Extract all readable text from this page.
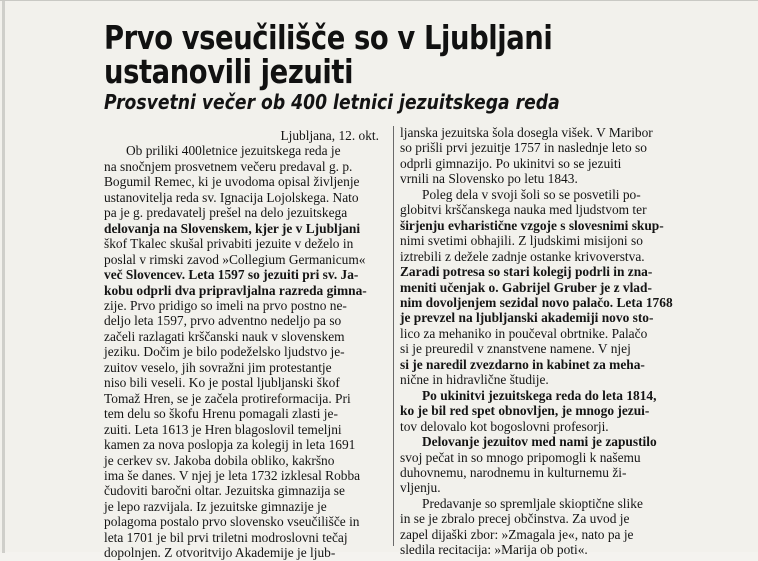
Prvo vseučilišče so v Ljubljani
ustanovili jezuiti
Prosvetni večer ob 400 letnici jezuitskega reda
Ljubljana, 12. okt.
Ob priliki 400letnice jezuitskega reda je
na snočnjem prosvetnem večeru predaval g. p.
Bogumil Remec, ki je uvodoma opisal življenje
ustanovitelja reda sv. Ignacija Lojolskega. Nato
pa je g. predavatelj prešel na delo jezuitskega
delovanja na Slovenskem, kjer je v Ljubljani
škof Tkalec skušal privabiti jezuite v deželo in
poslal v rimski zavod »Collegium Germanicum«
več Slovencev. Leta 1597 so jezuiti pri sv. Ja-
kobu odprli dva pripravljalna razreda gimna-
zije. Prvo pridigo so imeli na prvo postno ne-
deljo leta 1597, prvo adventno nedeljo pa so
začeli razlagati krščanski nauk v slovenskem
jeziku. Dočim je bilo podeželsko ljudstvo je-
zuitov veselo, jih sovražni jim protestantje
niso bili veseli. Ko je postal ljubljanski škof
Tomaž Hren, se je začela protireformacija. Pri
tem delu so škofu Hrenu pomagali zlasti je-
zuiti. Leta 1613 je Hren blagoslovil temeljni
kamen za nova poslopja za kolegij in leta 1691
je cerkev sv. Jakoba dobila obliko, kakršno
ima še danes. V njej je leta 1732 izklesal Robba
čudoviti baročni oltar. Jezuitska gimnazija se
je lepo razvijala. Iz jezuitske gimnazije je
polagoma postalo prvo slovensko vseučilišče in
leta 1701 je bil prvi triletni modroslovni tečaj
dopolnjen. Z otvoritvijo Akademije je ljub-
ljanska jezuitska šola dosegla višek. V Maribor
so prišli prvi jezuitje 1757 in naslednje leto so
odprli gimnazijo. Po ukinitvi so se jezuiti
vrnili na Slovensko po letu 1843.
Poleg dela v svoji šoli so se posvetili po-
globitvi krščanskega nauka med ljudstvom ter
širjenju evharistične vzgoje s slovesnimi skup-
nimi svetimi obhajili. Z ljudskimi misijoni so
iztrebili z dežele zadnje ostanke krivoverstva.
Zaradi potresa so stari kolegij podrli in zna-
meniti učenjak o. Gabrijel Gruber je z vlad-
nim dovoljenjem sezidal novo palačo. Leta 1768
je prevzel na ljubljanski akademiji novo sto-
lico za mehaniko in poučeval obrtnike. Palačo
si je preuredil v znanstvene namene. V njej
si je naredil zvezdarno in kabinet za meha-
nične in hidravlične študije.
Po ukinitvi jezuitskega reda do leta 1814,
ko je bil red spet obnovljen, je mnogo jezui-
tov delovalo kot bogoslovni profesorji.
Delovanje jezuitov med nami je zapustilo
svoj pečat in so mnogo pripomogli k našemu
duhovnemu, narodnemu in kulturnemu ži-
vljenju.
Predavanje so spremljale skioptične slike
in se je zbralo precej občinstva. Za uvod je
zapel dijaški zbor: »Zmagala je«, nato pa je
sledila recitacija: »Marija ob poti«.
